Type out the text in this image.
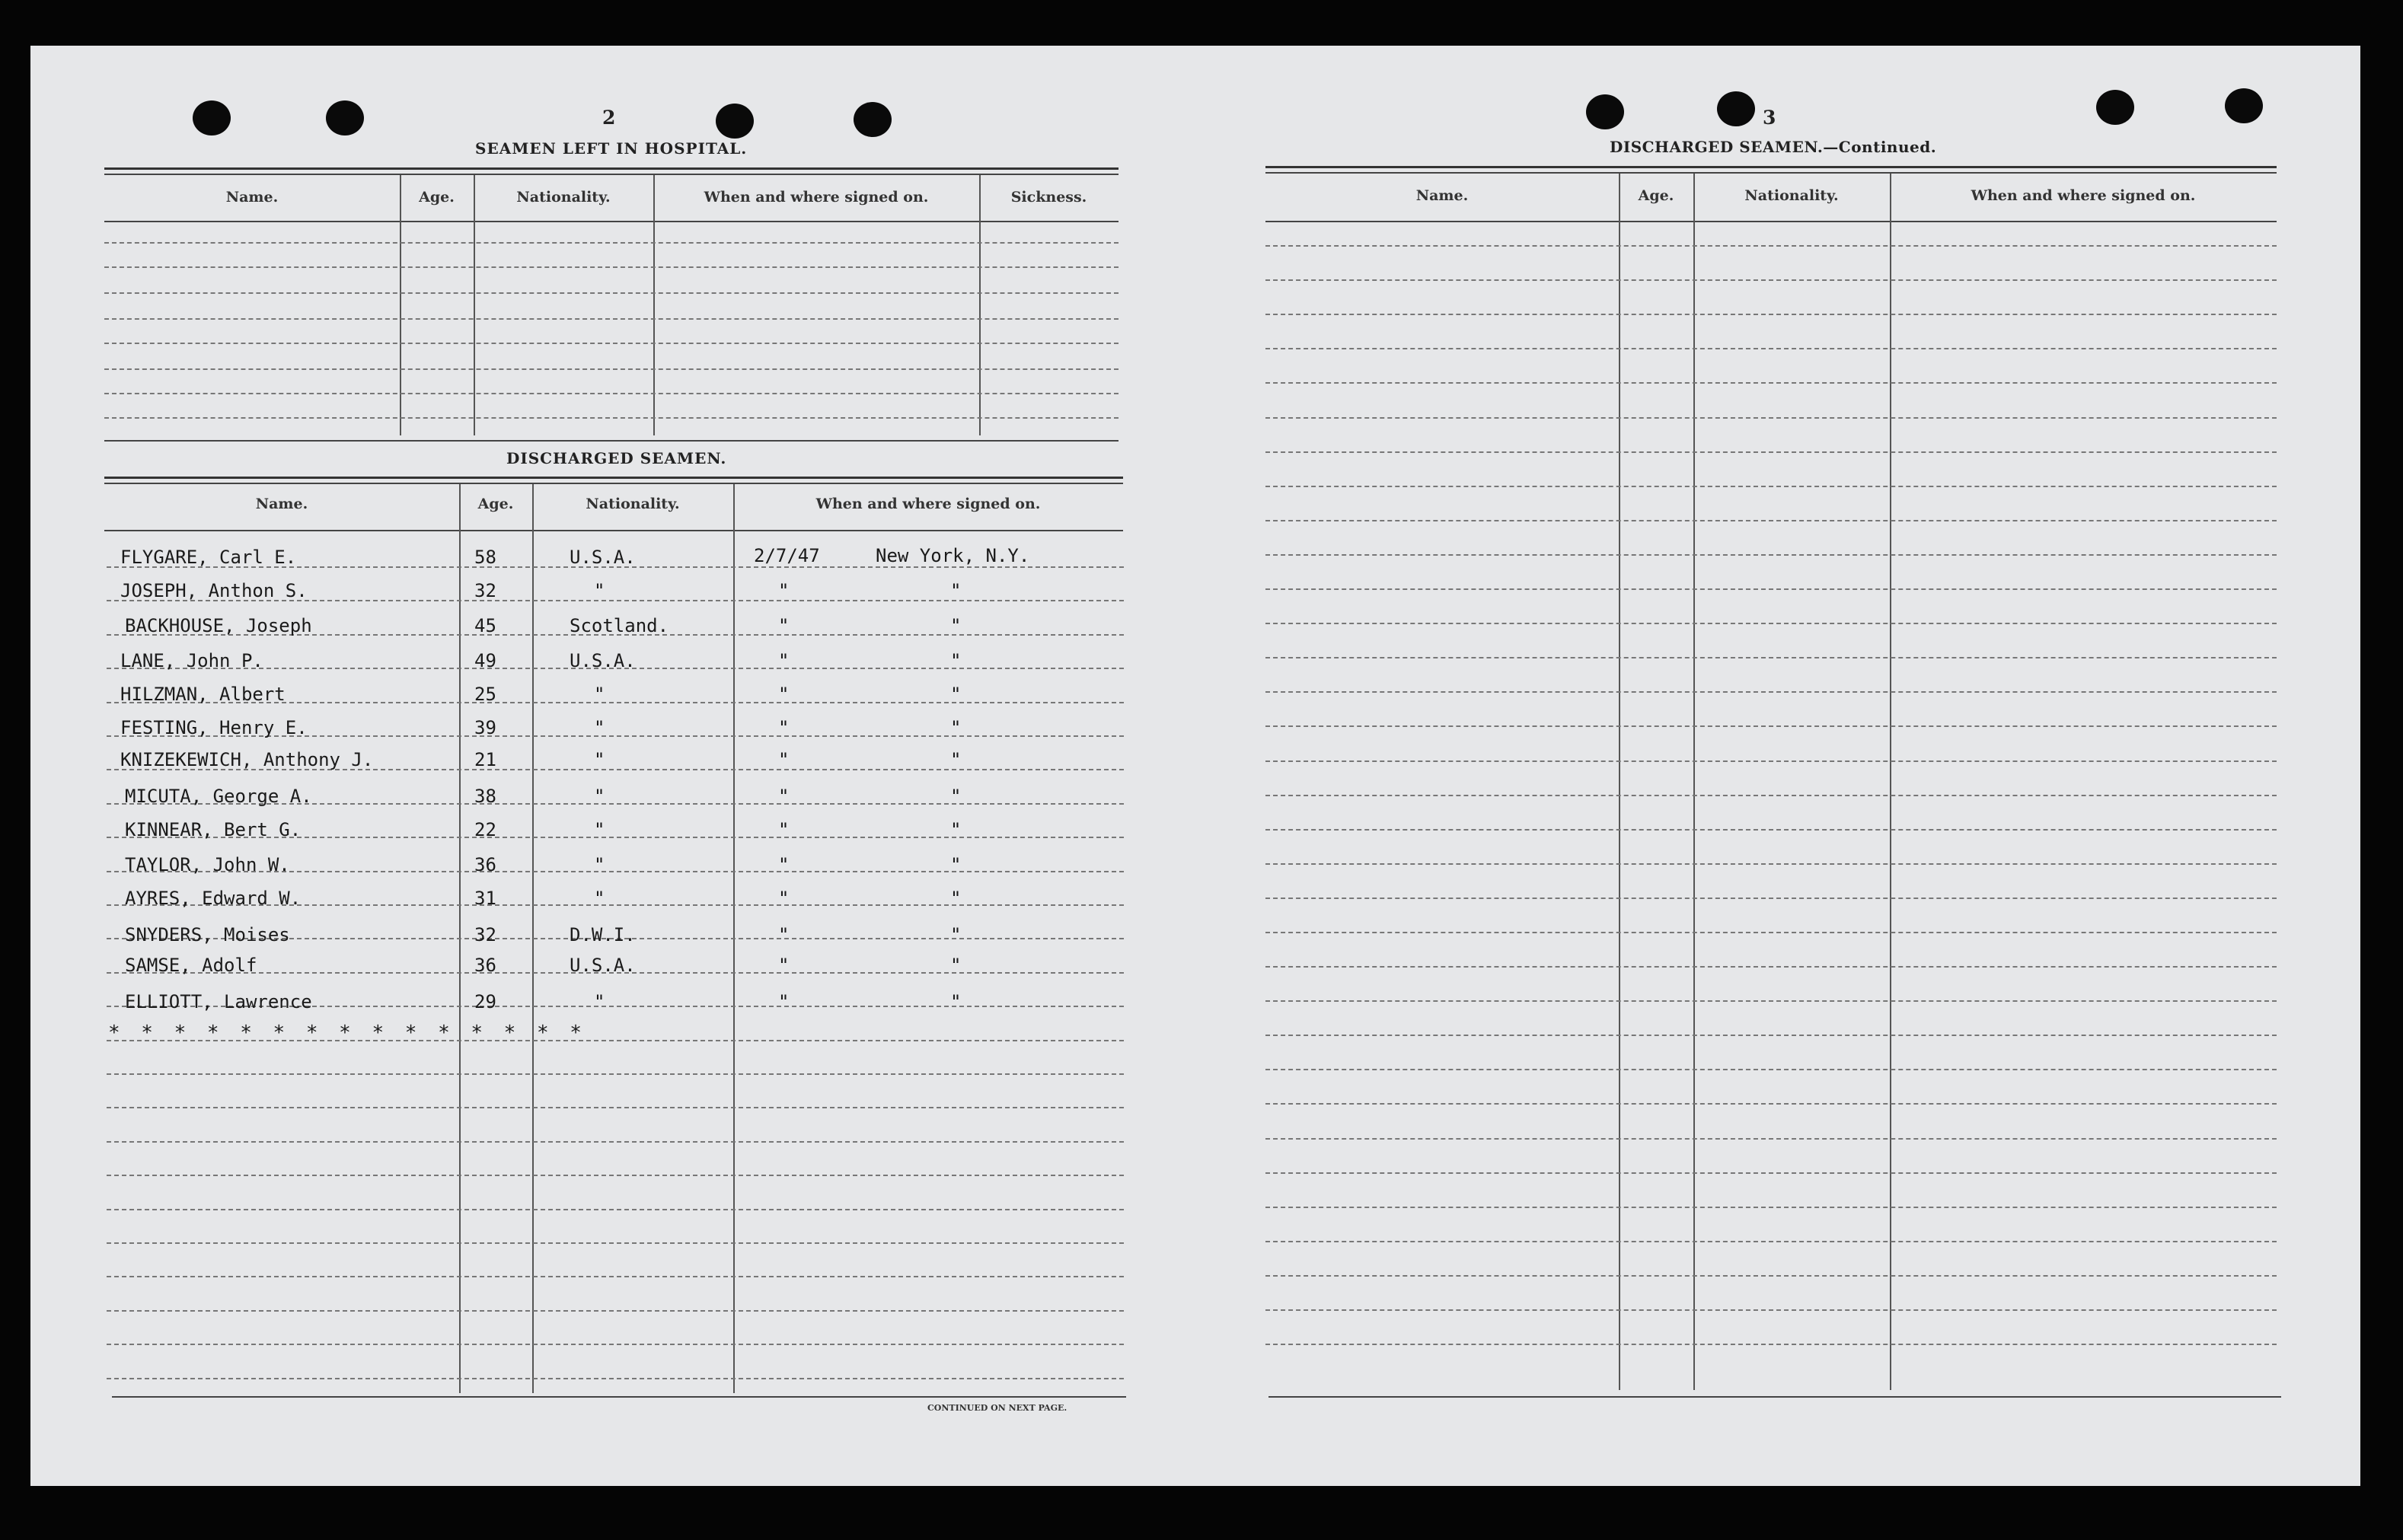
2
SEAMEN LEFT IN HOSPITAL.
Name.	Age.	Nationality.	When and where signed on.	Sickness.
DISCHARGED SEAMEN.
Name.	Age.	Nationality.	When and where signed on.
FLYGARE, Carl E.	58	U.S.A.	2/7/47	New York, N.Y.
JOSEPH, Anthon S.	32	"	"	"
BACKHOUSE, Joseph	45	Scotland.	"	"
LANE, John P.	49	U.S.A.	"	"
HILZMAN, Albert	25	"	"	"
FESTING, Henry E.	39	"	"	"
KNIZEKEWICH, Anthony J.	21	"	"	"
MICUTA, George A.	38	"	"	"
KINNEAR, Bert G.	22	"	"	"
TAYLOR, John W.	36	"	"	"
AYRES, Edward W.	31	"	"	"
SNYDERS, Moises	32	D.W.I.	"	"
SAMSE, Adolf	36	U.S.A.	"	"
ELLIOTT, Lawrence	29	"	"	"
* * * * * * * * * * * * * * *
CONTINUED ON NEXT PAGE.
3
DISCHARGED SEAMEN.—Continued.
Name.	Age.	Nationality.	When and where signed on.
